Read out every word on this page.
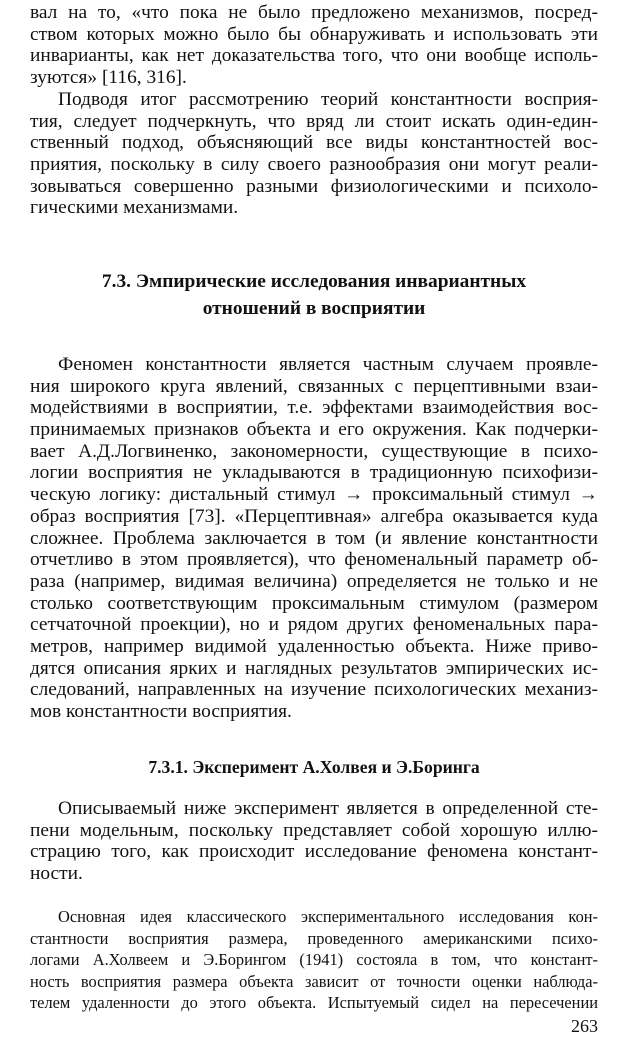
вал на то, «что пока не было предложено механизмов, посред-
ством которых можно было бы обнаруживать и использовать эти
инварианты, как нет доказательства того, что они вообще исполь-
зуются» [116, 316].
Подводя итог рассмотрению теорий константности восприя-
тия, следует подчеркнуть, что вряд ли стоит искать один-един-
ственный подход, объясняющий все виды константностей вос-
приятия, поскольку в силу своего разнообразия они могут реали-
зовываться совершенно разными физиологическими и психоло-
гическими механизмами.
7.3. Эмпирические исследования инвариантных
отношений в восприятии
Феномен константности является частным случаем проявле-
ния широкого круга явлений, связанных с перцептивными взаи-
модействиями в восприятии, т.е. эффектами взаимодействия вос-
принимаемых признаков объекта и его окружения. Как подчерки-
вает А.Д.Логвиненко, закономерности, существующие в психо-
логии восприятия не укладываются в традиционную психофизи-
ческую логику: дистальный стимул → проксимальный стимул →
образ восприятия [73]. «Перцептивная» алгебра оказывается куда
сложнее. Проблема заключается в том (и явление константности
отчетливо в этом проявляется), что феноменальный параметр об-
раза (например, видимая величина) определяется не только и не
столько соответствующим проксимальным стимулом (размером
сетчаточной проекции), но и рядом других феноменальных пара-
метров, например видимой удаленностью объекта. Ниже приво-
дятся описания ярких и наглядных результатов эмпирических ис-
следований, направленных на изучение психологических механиз-
мов константности восприятия.
7.3.1. Эксперимент А.Холвея и Э.Боринга
Описываемый ниже эксперимент является в определенной сте-
пени модельным, поскольку представляет собой хорошую иллю-
страцию того, как происходит исследование феномена констант-
ности.
Основная идея классического экспериментального исследования кон-
стантности восприятия размера, проведенного американскими психо-
логами А.Холвеем и Э.Борингом (1941) состояла в том, что констант-
ность восприятия размера объекта зависит от точности оценки наблюда-
телем удаленности до этого объекта. Испытуемый сидел на пересечении
263
